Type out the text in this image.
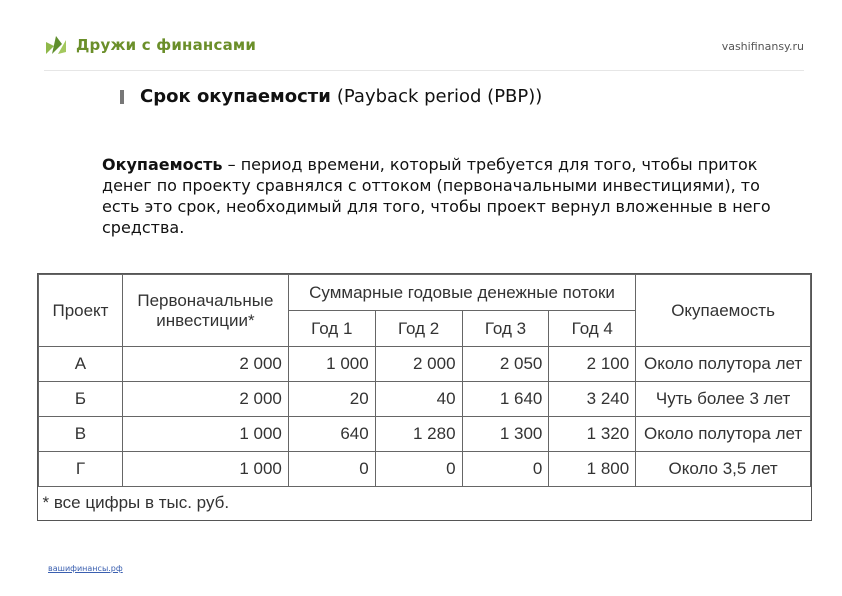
Дружи с финансами	vashifinansy.ru
Срок окупаемости (Payback period (PBP))
Окупаемость – период времени, который требуется для того, чтобы приток денег по проекту сравнялся с оттоком (первоначальными инвестициями), то есть это срок, необходимый для того, чтобы проект вернул вложенные в него средства.
Проект	Первоначальные инвестиции*	Суммарные годовые денежные потоки				Окупаемость
		Год 1	Год 2	Год 3	Год 4	
А	2 000	1 000	2 000	2 050	2 100	Около полутора лет
Б	2 000	20	40	1 640	3 240	Чуть более 3 лет
В	1 000	640	1 280	1 300	1 320	Около полутора лет
Г	1 000	0	0	0	1 800	Около 3,5 лет
* все цифры в тыс. руб.						
вашифинансы.рф
